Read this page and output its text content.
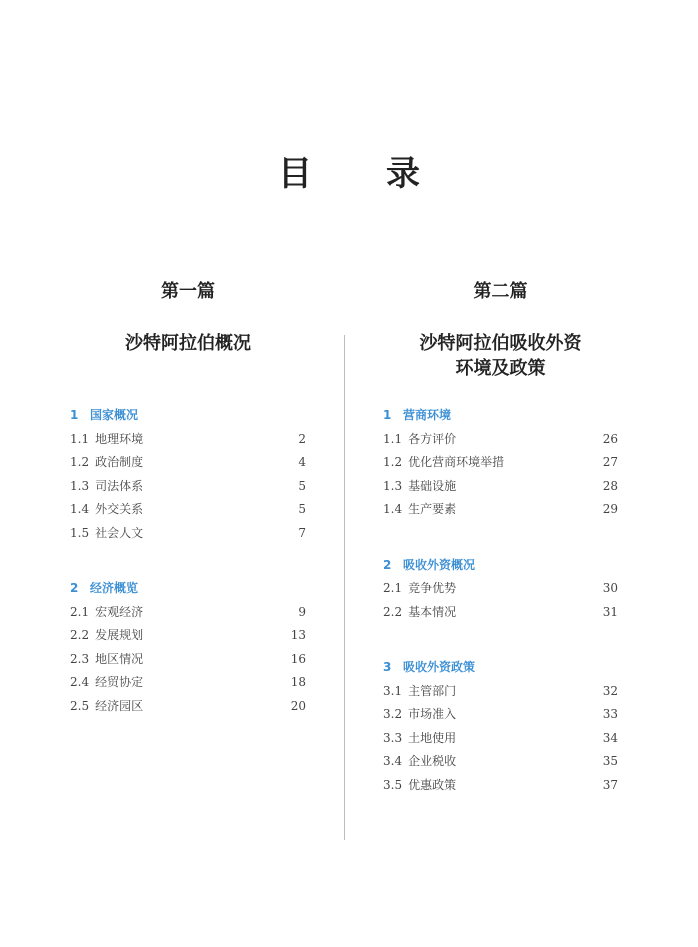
目 录
第一篇
沙特阿拉伯概况
1 国家概况
1.1 地理环境	2
1.2 政治制度	4
1.3 司法体系	5
1.4 外交关系	5
1.5 社会人文	7
2 经济概览
2.1 宏观经济	9
2.2 发展规划	13
2.3 地区情况	16
2.4 经贸协定	18
2.5 经济园区	20
第二篇
沙特阿拉伯吸收外资
环境及政策
1 营商环境
1.1 各方评价	26
1.2 优化营商环境举措	27
1.3 基础设施	28
1.4 生产要素	29
2 吸收外资概况
2.1 竞争优势	30
2.2 基本情况	31
3 吸收外资政策
3.1 主管部门	32
3.2 市场准入	33
3.3 土地使用	34
3.4 企业税收	35
3.5 优惠政策	37
